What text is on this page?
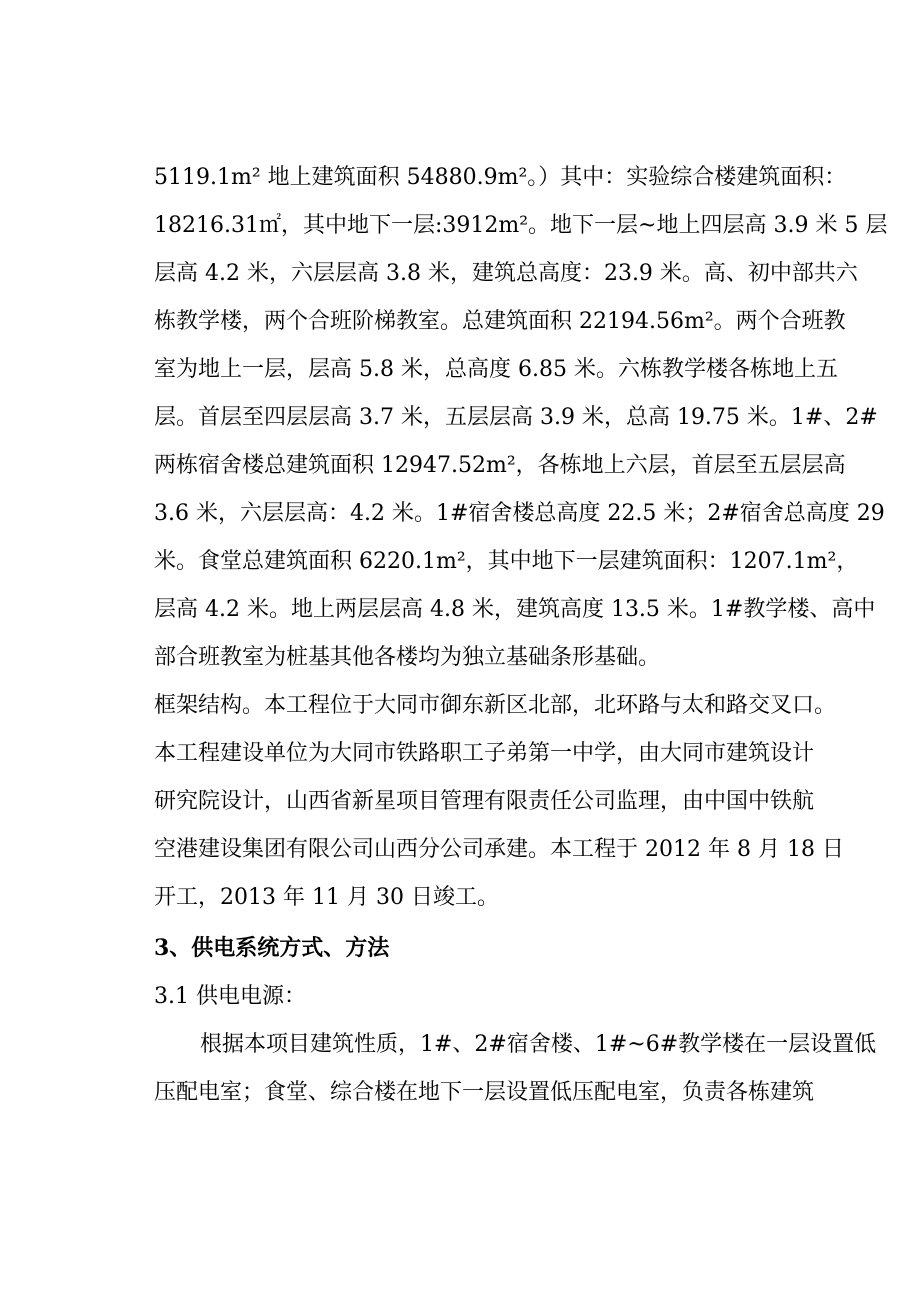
5119.1m² 地上建筑面积 54880.9m²。）其中：实验综合楼建筑面积：
18216.31㎡，其中地下一层:3912m²。地下一层~地上四层高 3.9 米 5 层
层高 4.2 米，六层层高 3.8 米，建筑总高度：23.9 米。高、初中部共六
栋教学楼，两个合班阶梯教室。总建筑面积 22194.56m²。两个合班教
室为地上一层，层高 5.8 米，总高度 6.85 米。六栋教学楼各栋地上五
层。首层至四层层高 3.7 米，五层层高 3.9 米，总高 19.75 米。1#、2#
两栋宿舍楼总建筑面积 12947.52m²，各栋地上六层，首层至五层层高
3.6 米，六层层高：4.2 米。1#宿舍楼总高度 22.5 米；2#宿舍总高度 29
米。食堂总建筑面积 6220.1m²，其中地下一层建筑面积：1207.1m²，
层高 4.2 米。地上两层层高 4.8 米，建筑高度 13.5 米。1#教学楼、高中
部合班教室为桩基其他各楼均为独立基础条形基础。
框架结构。本工程位于大同市御东新区北部，北环路与太和路交叉口。
本工程建设单位为大同市铁路职工子弟第一中学，由大同市建筑设计
研究院设计，山西省新星项目管理有限责任公司监理，由中国中铁航
空港建设集团有限公司山西分公司承建。本工程于 2012 年 8 月 18 日
开工，2013 年 11 月 30 日竣工。
3、供电系统方式、方法
3.1 供电电源：
根据本项目建筑性质，1#、2#宿舍楼、1#~6#教学楼在一层设置低
压配电室；食堂、综合楼在地下一层设置低压配电室，负责各栋建筑
